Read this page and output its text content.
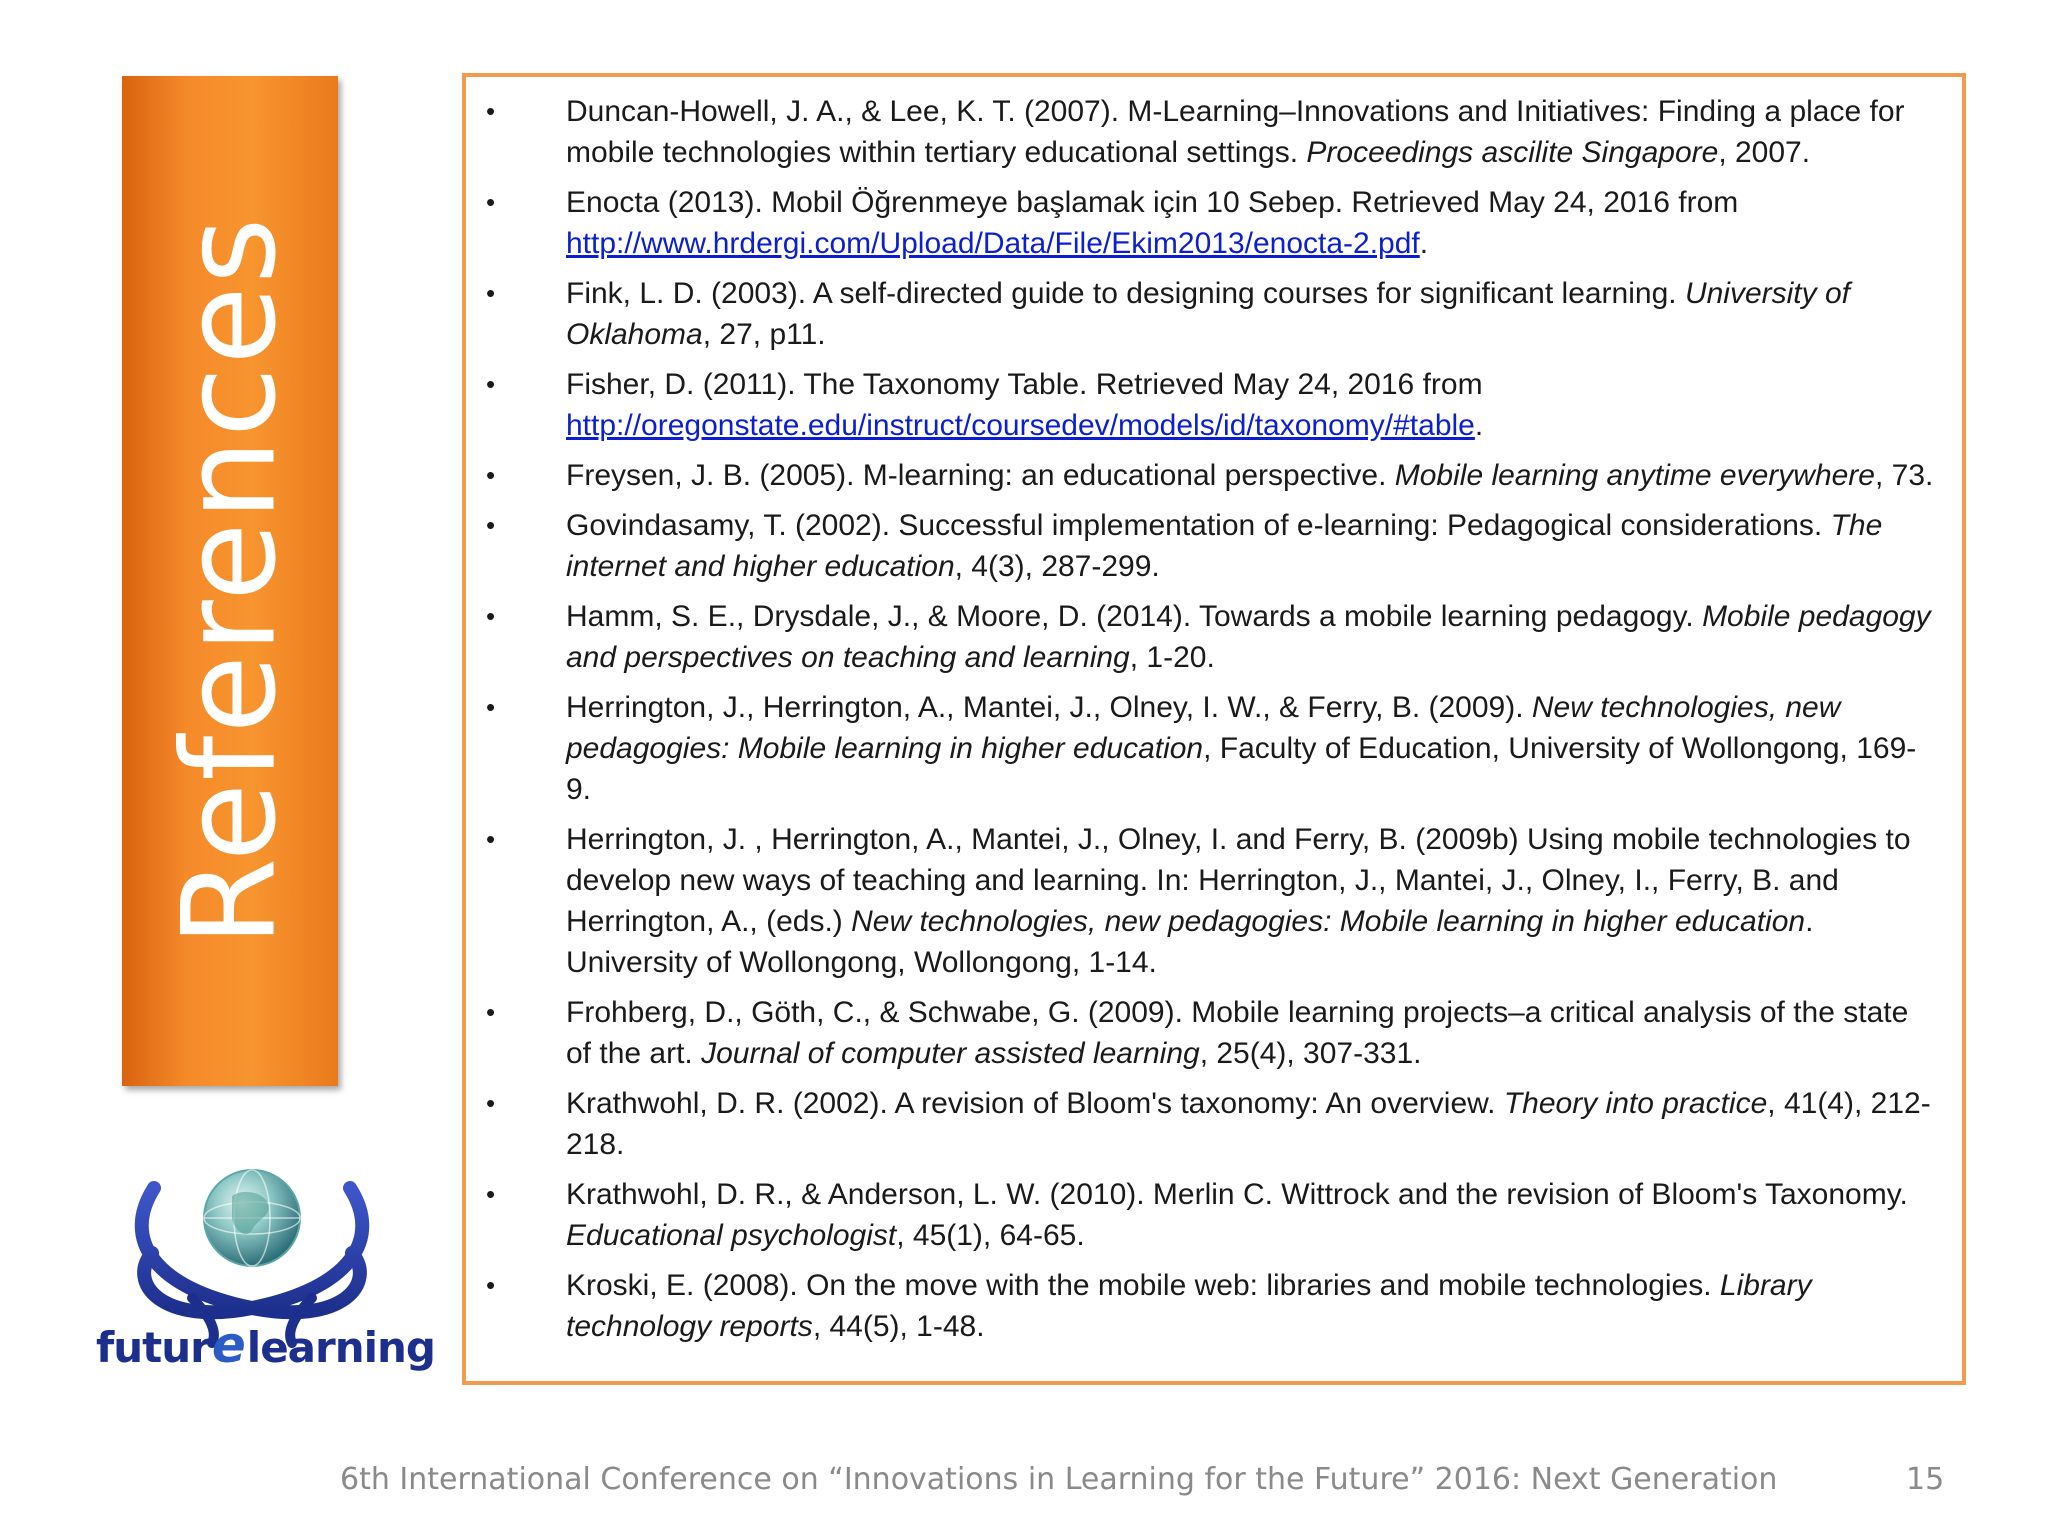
References
• Duncan-Howell, J. A., & Lee, K. T. (2007). M-Learning–Innovations and Initiatives: Finding a place for mobile technologies within tertiary educational settings. Proceedings ascilite Singapore, 2007.
• Enocta (2013). Mobil Öğrenmeye başlamak için 10 Sebep. Retrieved May 24, 2016 from http://www.hrdergi.com/Upload/Data/File/Ekim2013/enocta-2.pdf.
• Fink, L. D. (2003). A self-directed guide to designing courses for significant learning. University of Oklahoma, 27, p11.
• Fisher, D. (2011). The Taxonomy Table. Retrieved May 24, 2016 from http://oregonstate.edu/instruct/coursedev/models/id/taxonomy/#table.
• Freysen, J. B. (2005). M-learning: an educational perspective. Mobile learning anytime everywhere, 73.
• Govindasamy, T. (2002). Successful implementation of e-learning: Pedagogical considerations. The internet and higher education, 4(3), 287-299.
• Hamm, S. E., Drysdale, J., & Moore, D. (2014). Towards a mobile learning pedagogy. Mobile pedagogy and perspectives on teaching and learning, 1-20.
• Herrington, J., Herrington, A., Mantei, J., Olney, I. W., & Ferry, B. (2009). New technologies, new pedagogies: Mobile learning in higher education, Faculty of Education, University of Wollongong, 169-9.
• Herrington, J. , Herrington, A., Mantei, J., Olney, I. and Ferry, B. (2009b) Using mobile technologies to develop new ways of teaching and learning. In: Herrington, J., Mantei, J., Olney, I., Ferry, B. and Herrington, A., (eds.) New technologies, new pedagogies: Mobile learning in higher education. University of Wollongong, Wollongong, 1-14.
• Frohberg, D., Göth, C., & Schwabe, G. (2009). Mobile learning projects–a critical analysis of the state of the art. Journal of computer assisted learning, 25(4), 307-331.
• Krathwohl, D. R. (2002). A revision of Bloom's taxonomy: An overview. Theory into practice, 41(4), 212-218.
• Krathwohl, D. R., & Anderson, L. W. (2010). Merlin C. Wittrock and the revision of Bloom's Taxonomy. Educational psychologist, 45(1), 64-65.
• Kroski, E. (2008). On the move with the mobile web: libraries and mobile technologies. Library technology reports, 44(5), 1-48.
futurelearning
6th International Conference on “Innovations in Learning for the Future” 2016: Next Generation	15
